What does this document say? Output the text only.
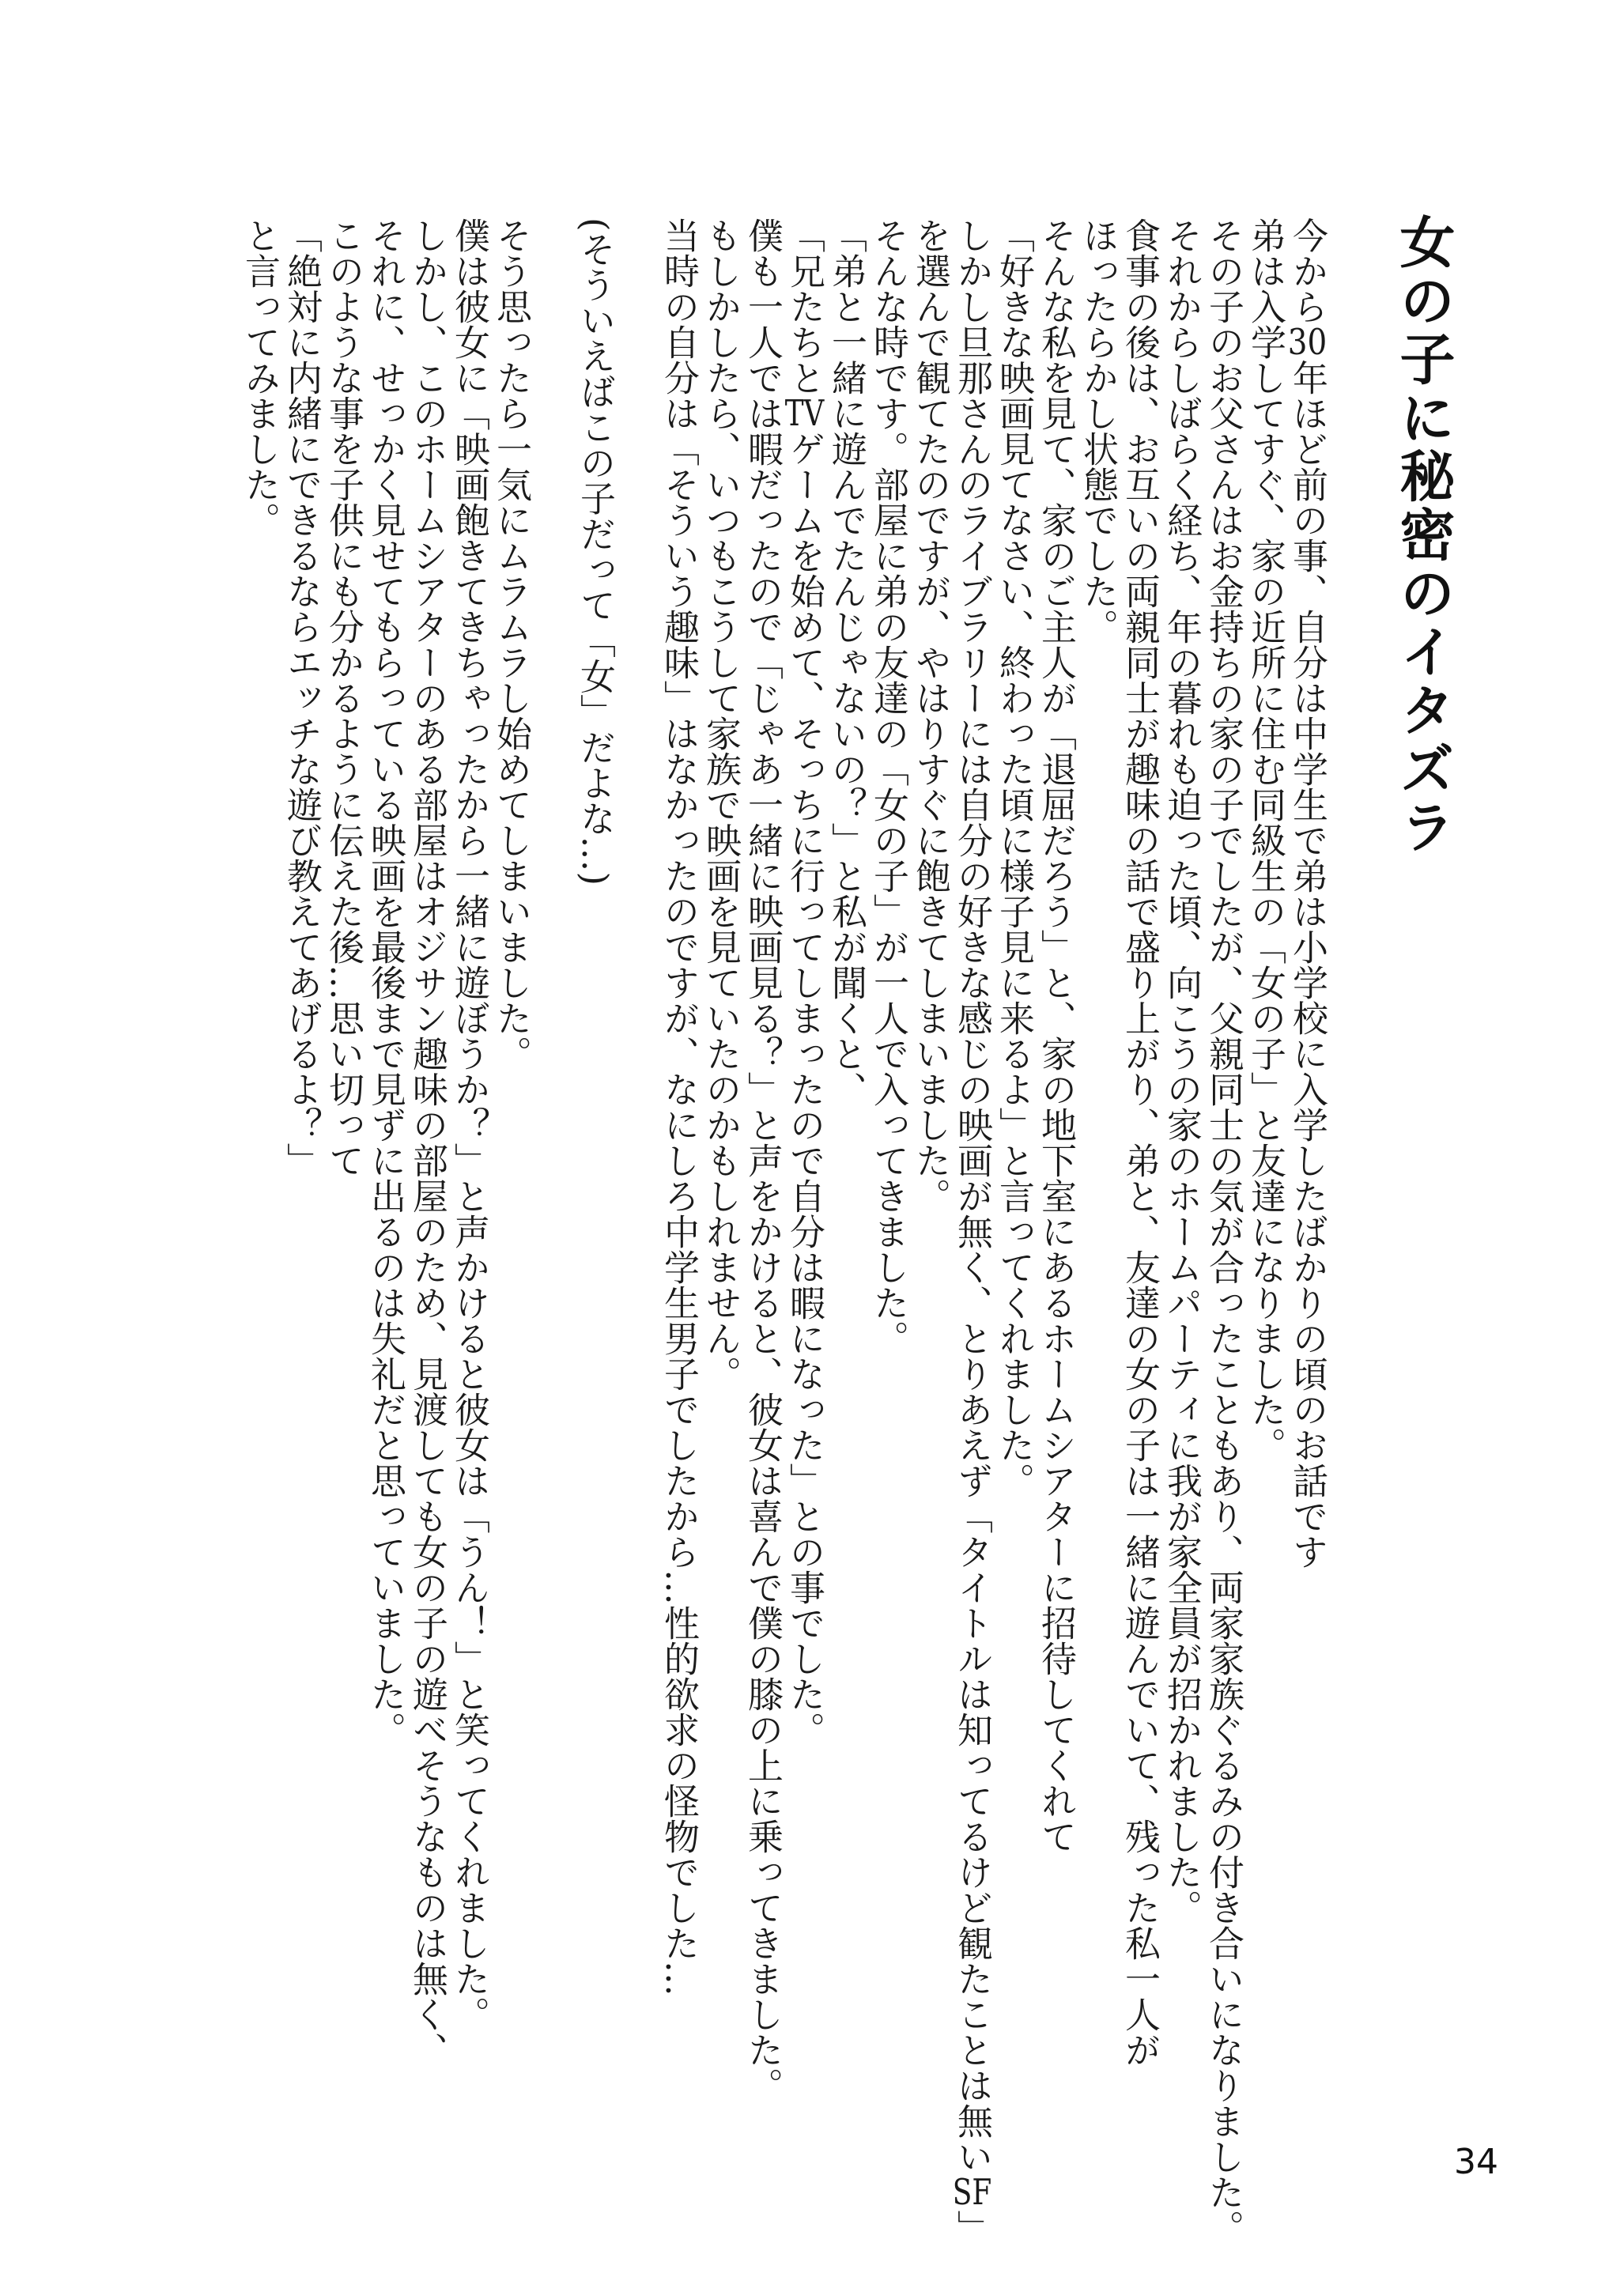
女の子に秘密のイタズラ
今から30年ほど前の事、自分は中学生で弟は小学校に入学したばかりの頃のお話です
弟は入学してすぐ、家の近所に住む同級生の「女の子」と友達になりました。
その子のお父さんはお金持ちの家の子でしたが、父親同士の気が合ったこともあり、両家家族ぐるみの付き合いになりました。
それからしばらく経ち、年の暮れも迫った頃、向こうの家のホームパーティに我が家全員が招かれました。
食事の後は、お互いの両親同士が趣味の話で盛り上がり、弟と、友達の女の子は一緒に遊んでいて、残った私一人が
ほったらかし状態でした。
そんな私を見て、家のご主人が「退屈だろう」と、家の地下室にあるホームシアターに招待してくれて
「好きな映画見てなさい、終わった頃に様子見に来るよ」と言ってくれました。
しかし旦那さんのライブラリーには自分の好きな感じの映画が無く、とりあえず「タイトルは知ってるけど観たことは無いSF」
を選んで観てたのですが、やはりすぐに飽きてしまいました。
そんな時です。部屋に弟の友達の「女の子」が一人で入ってきました。
「弟と一緒に遊んでたんじゃないの？」と私が聞くと、
「兄たちとTVゲームを始めて、そっちに行ってしまったので自分は暇になった」との事でした。
僕も一人では暇だったので「じゃあ一緒に映画見る？」と声をかけると、彼女は喜んで僕の膝の上に乗ってきました。
もしかしたら、いつもこうして家族で映画を見ていたのかもしれません。
当時の自分は「そういう趣味」はなかったのですが、なにしろ中学生男子でしたから…性的欲求の怪物でした…
(そういえばこの子だって「女」だよな…)
そう思ったら一気にムラムラし始めてしまいました。
僕は彼女に「映画飽きてきちゃったから一緒に遊ぼうか？」と声かけると彼女は「うん！」と笑ってくれました。
しかし、このホームシアターのある部屋はオジサン趣味の部屋のため、見渡しても女の子の遊べそうなものは無く、
それに、せっかく見せてもらっている映画を最後まで見ずに出るのは失礼だと思っていました。
このような事を子供にも分かるように伝えた後…思い切って
「絶対に内緒にできるならエッチな遊び教えてあげるよ？」
と言ってみました。
34
